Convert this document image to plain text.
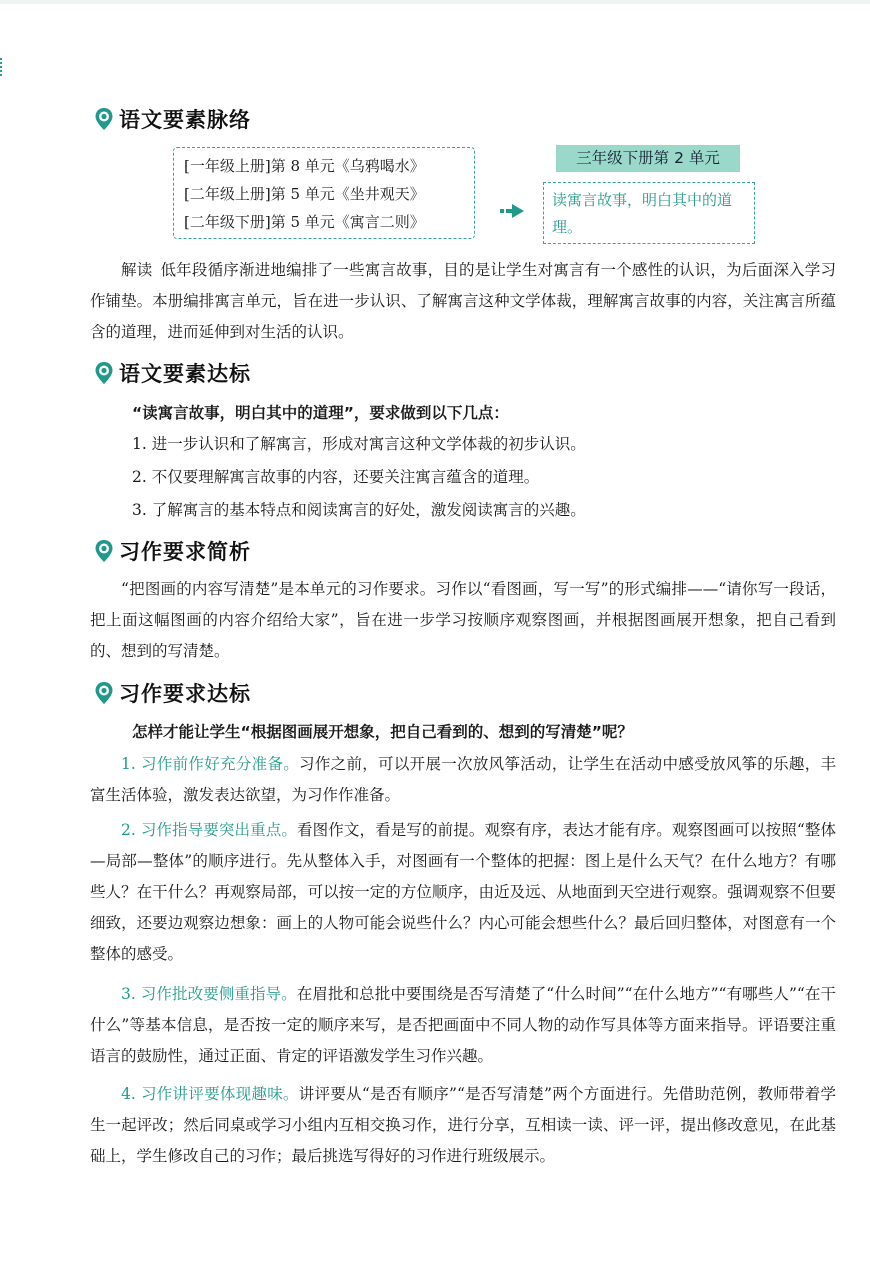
语文要素脉络
[一年级上册]第 8 单元《乌鸦喝水》
[二年级上册]第 5 单元《坐井观天》
[二年级下册]第 5 单元《寓言二则》
三年级下册第 2 单元
读寓言故事，明白其中的道理。

解读 低年段循序渐进地编排了一些寓言故事，目的是让学生对寓言有一个感性的认识，为后面深入学习作铺垫。本册编排寓言单元，旨在进一步认识、了解寓言这种文学体裁，理解寓言故事的内容，关注寓言所蕴含的道理，进而延伸到对生活的认识。

语文要素达标
“读寓言故事，明白其中的道理”，要求做到以下几点：
1. 进一步认识和了解寓言，形成对寓言这种文学体裁的初步认识。
2. 不仅要理解寓言故事的内容，还要关注寓言蕴含的道理。
3. 了解寓言的基本特点和阅读寓言的好处，激发阅读寓言的兴趣。
习作要求简析

“把图画的内容写清楚”是本单元的习作要求。习作以“看图画，写一写”的形式编排——“请你写一段话，把上面这幅图画的内容介绍给大家”，旨在进一步学习按顺序观察图画，并根据图画展开想象，把自己看到的、想到的写清楚。

习作要求达标
怎样才能让学生“根据图画展开想象，把自己看到的、想到的写清楚”呢？

1. 习作前作好充分准备。习作之前，可以开展一次放风筝活动，让学生在活动中感受放风筝的乐趣，丰富生活体验，激发表达欲望，为习作作准备。

2. 习作指导要突出重点。看图作文，看是写的前提。观察有序，表达才能有序。观察图画可以按照“整体—局部—整体”的顺序进行。先从整体入手，对图画有一个整体的把握：图上是什么天气？在什么地方？有哪些人？在干什么？再观察局部，可以按一定的方位顺序，由近及远、从地面到天空进行观察。强调观察不但要细致，还要边观察边想象：画上的人物可能会说些什么？内心可能会想些什么？最后回归整体，对图意有一个整体的感受。

3. 习作批改要侧重指导。在眉批和总批中要围绕是否写清楚了“什么时间”“在什么地方”“有哪些人”“在干什么”等基本信息，是否按一定的顺序来写，是否把画面中不同人物的动作写具体等方面来指导。评语要注重语言的鼓励性，通过正面、肯定的评语激发学生习作兴趣。

4. 习作讲评要体现趣味。讲评要从“是否有顺序”“是否写清楚”两个方面进行。先借助范例，教师带着学生一起评改；然后同桌或学习小组内互相交换习作，进行分享，互相读一读、评一评，提出修改意见，在此基础上，学生修改自己的习作；最后挑选写得好的习作进行班级展示。
